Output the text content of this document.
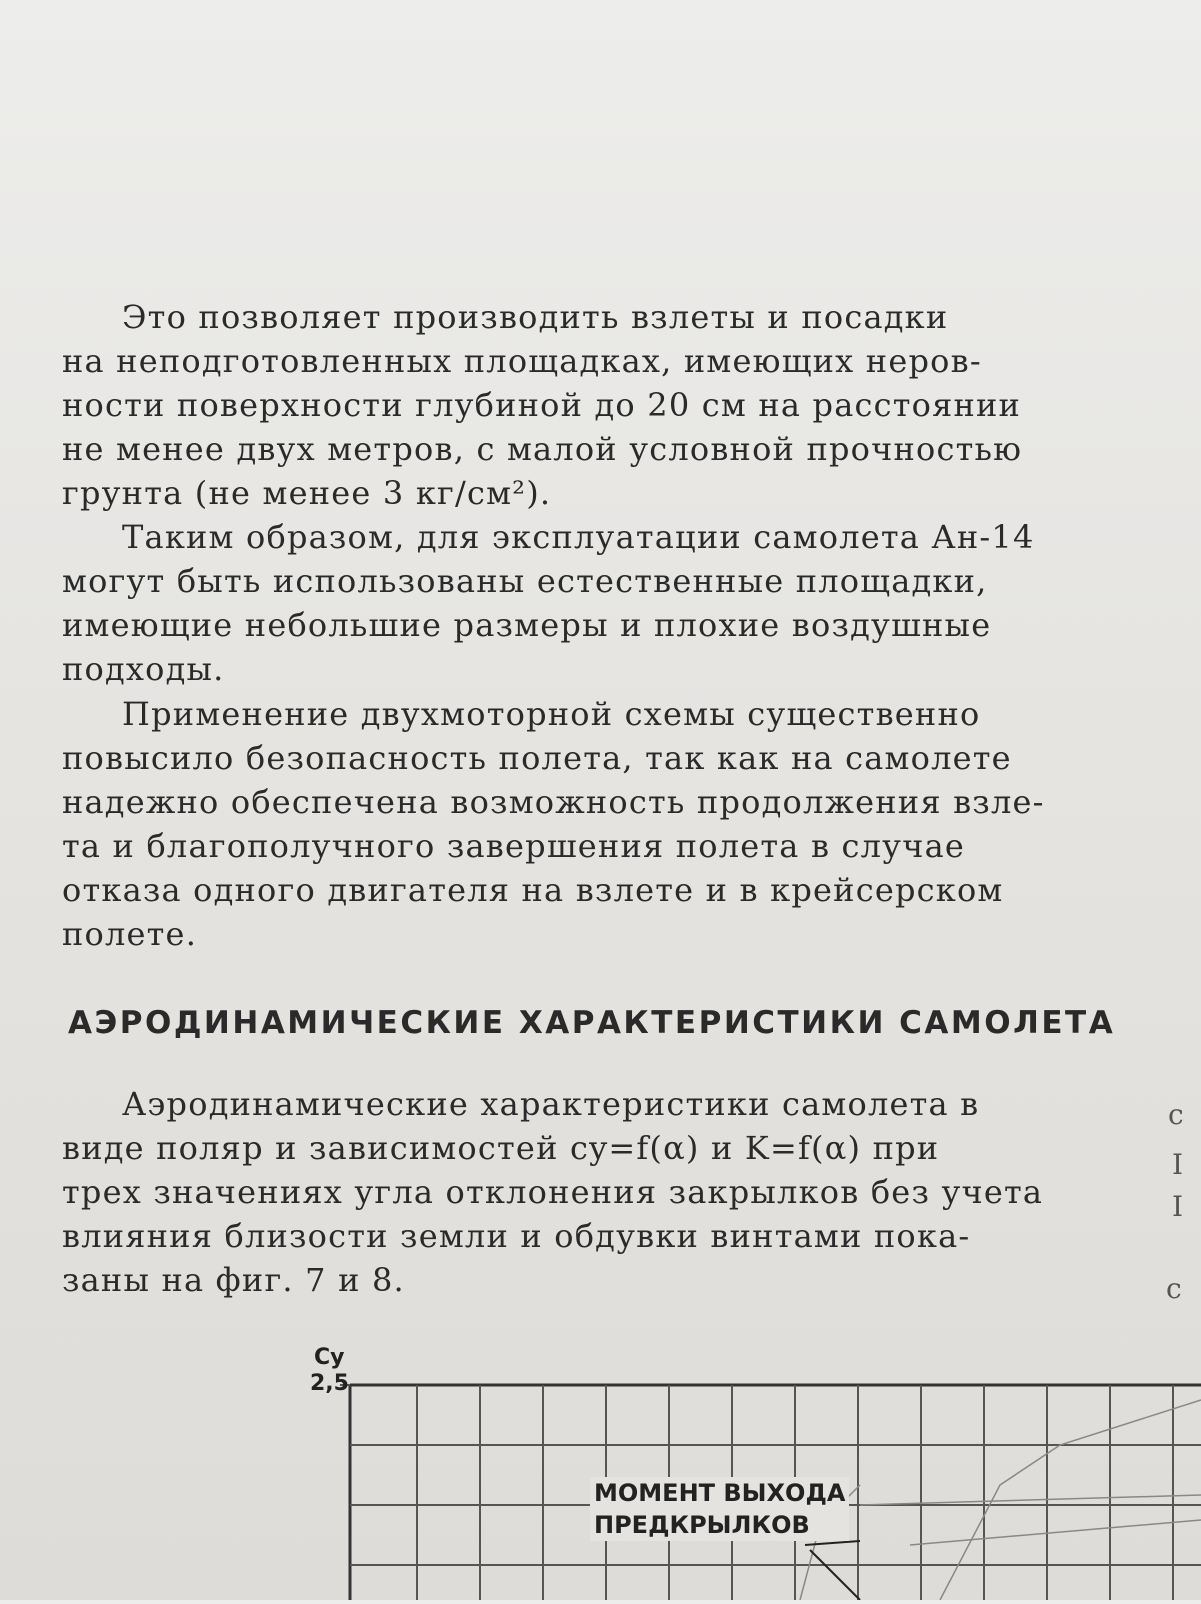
Это позволяет производить взлеты и посадки
на неподготовленных площадках, имеющих неров-
ности поверхности глубиной до 20 см на расстоянии
не менее двух метров, с малой условной прочностью
грунта (не менее 3 кг/см²).
Таким образом, для эксплуатации самолета Ан-14
могут быть использованы естественные площадки,
имеющие небольшие размеры и плохие воздушные
подходы.
Применение двухмоторной схемы существенно
повысило безопасность полета, так как на самолете
надежно обеспечена возможность продолжения взле-
та и благополучного завершения полета в случае
отказа одного двигателя на взлете и в крейсерском
полете.
АЭРОДИНАМИЧЕСКИЕ ХАРАКТЕРИСТИКИ САМОЛЕТА
Аэродинамические характеристики самолета в
виде поляр и зависимостей cy=f(α) и K=f(α) при
трех значениях угла отклонения закрылков без учета
влияния близости земли и обдувки винтами пока-
заны на фиг. 7 и 8.
с
I
I
с
Cy
2,5
МОМЕНТ ВЫХОДА
ПРЕДКРЫЛКОВ
